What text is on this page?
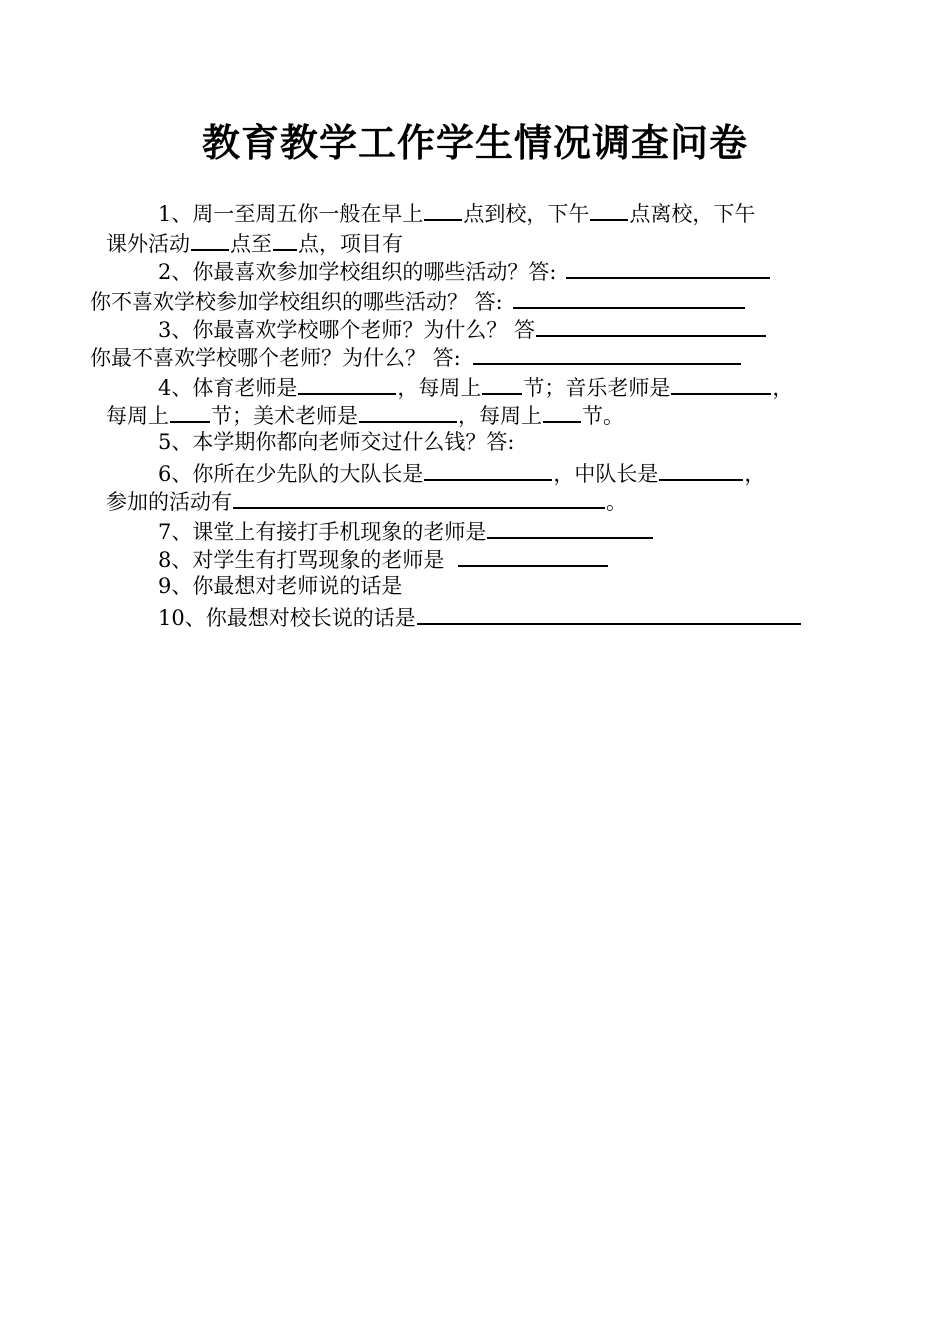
教育教学工作学生情况调查问卷
1、周一至周五你一般在早上 点到校，下午 点离校，下午
课外活动 点至 点，项目有
2、你最喜欢参加学校组织的哪些活动？答:
你不喜欢学校参加学校组织的哪些活动？ 答:
3、你最喜欢学校哪个老师？为什么？ 答
你最不喜欢学校哪个老师？为什么？ 答:
4、体育老师是	，每周上 节；音乐老师是	，
每周上 节；美术老师是	，每周上 节。
5、本学期你都向老师交过什么钱？答:
6、你所在少先队的大队长是	，中队长是	，
参加的活动有	。
7、课堂上有接打手机现象的老师是
8、对学生有打骂现象的老师是
9、你最想对老师说的话是
10、你最想对校长说的话是
